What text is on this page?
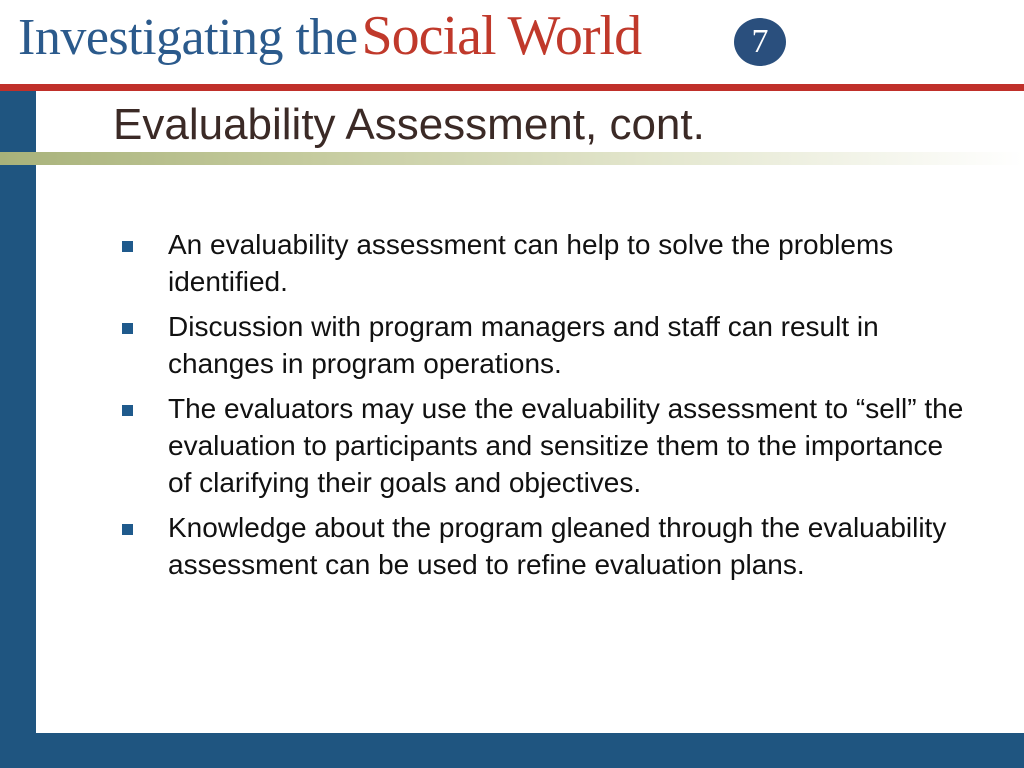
Investigating the Social World	7
Evaluability Assessment, cont.
An evaluability assessment can help to solve the problems identified.
Discussion with program managers and staff can result in changes in program operations.
The evaluators may use the evaluability assessment to “sell” the evaluation to participants and sensitize them to the importance of clarifying their goals and objectives.
Knowledge about the program gleaned through the evaluability assessment can be used to refine evaluation plans.
